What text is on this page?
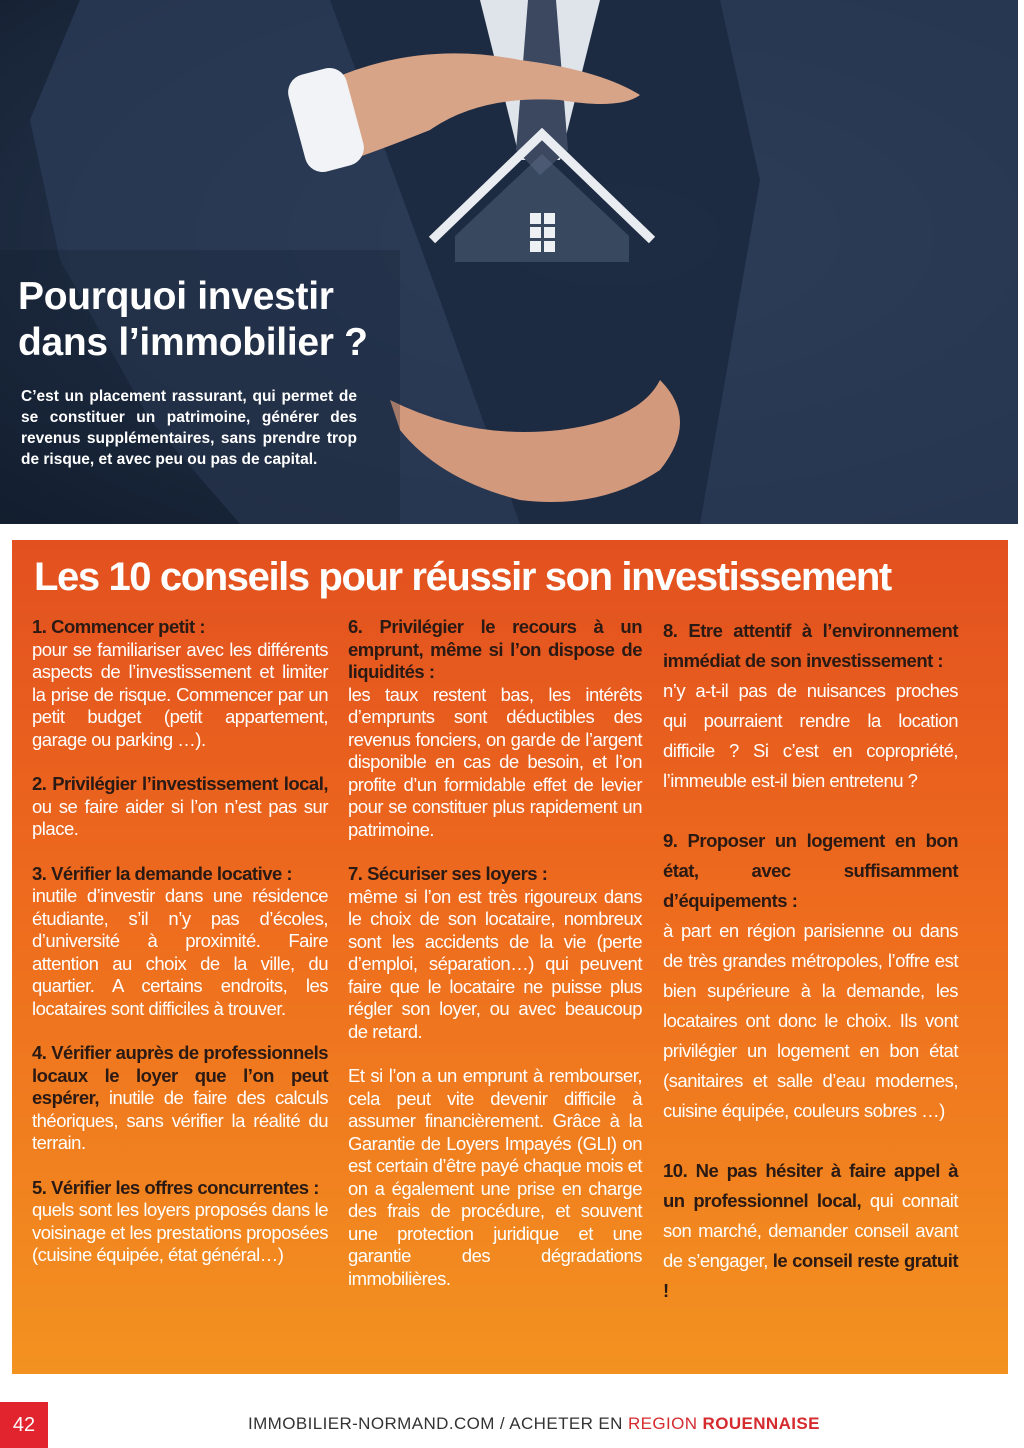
Pourquoi investir
dans l’immobilier ?

C’est un placement rassurant, qui permet de se constituer un patrimoine, générer des revenus supplémentaires, sans prendre trop de risque, et avec peu ou pas de capital.

Les 10 conseils pour réussir son investissement

1. Commencer petit :
pour se familiariser avec les différents aspects de l’investissement et limiter la prise de risque. Commencer par un petit budget (petit appartement, garage ou parking …).

2. Privilégier l’investissement local, ou se faire aider si l’on n’est pas sur place.

3. Vérifier la demande locative :
inutile d’investir dans une résidence étudiante, s’il n’y pas d’écoles, d’université à proximité. Faire attention au choix de la ville, du quartier. A certains endroits, les locataires sont difficiles à trouver.

4. Vérifier auprès de professionnels locaux le loyer que l’on peut espérer, inutile de faire des calculs théoriques, sans vérifier la réalité du terrain.

5. Vérifier les offres concurrentes :
quels sont les loyers proposés dans le voisinage et les prestations proposées (cuisine équipée, état général…)

6. Privilégier le recours à un emprunt, même si l’on dispose de liquidités :
les taux restent bas, les intérêts d’emprunts sont déductibles des revenus fonciers, on garde de l’argent disponible en cas de besoin, et l’on profite d’un formidable effet de levier pour se constituer plus rapidement un patrimoine.

7. Sécuriser ses loyers :
même si l’on est très rigoureux dans le choix de son locataire, nombreux sont les accidents de la vie (perte d’emploi, séparation…) qui peuvent faire que le locataire ne puisse plus régler son loyer, ou avec beaucoup de retard.

Et si l’on a un emprunt à rembourser, cela peut vite devenir difficile à assumer financièrement. Grâce à la Garantie de Loyers Impayés (GLI) on est certain d’être payé chaque mois et on a également une prise en charge des frais de procédure, et souvent une protection juridique et une garantie des dégradations immobilières.

8. Etre attentif à l’environnement immédiat de son investissement :
n’y a-t-il pas de nuisances proches qui pourraient rendre la location difficile ? Si c’est en copropriété, l’immeuble est-il bien entretenu ?

9. Proposer un logement en bon état, avec suffisamment d’équipements :
à part en région parisienne ou dans de très grandes métropoles, l’offre est bien supérieure à la demande, les locataires ont donc le choix. Ils vont privilégier un logement en bon état (sanitaires et salle d’eau modernes, cuisine équipée, couleurs sobres …)

10. Ne pas hésiter à faire appel à un professionnel local, qui connait son marché, demander conseil avant de s’engager, le conseil reste gratuit !

42	IMMOBILIER-NORMAND.COM / ACHETER EN REGION ROUENNAISE
